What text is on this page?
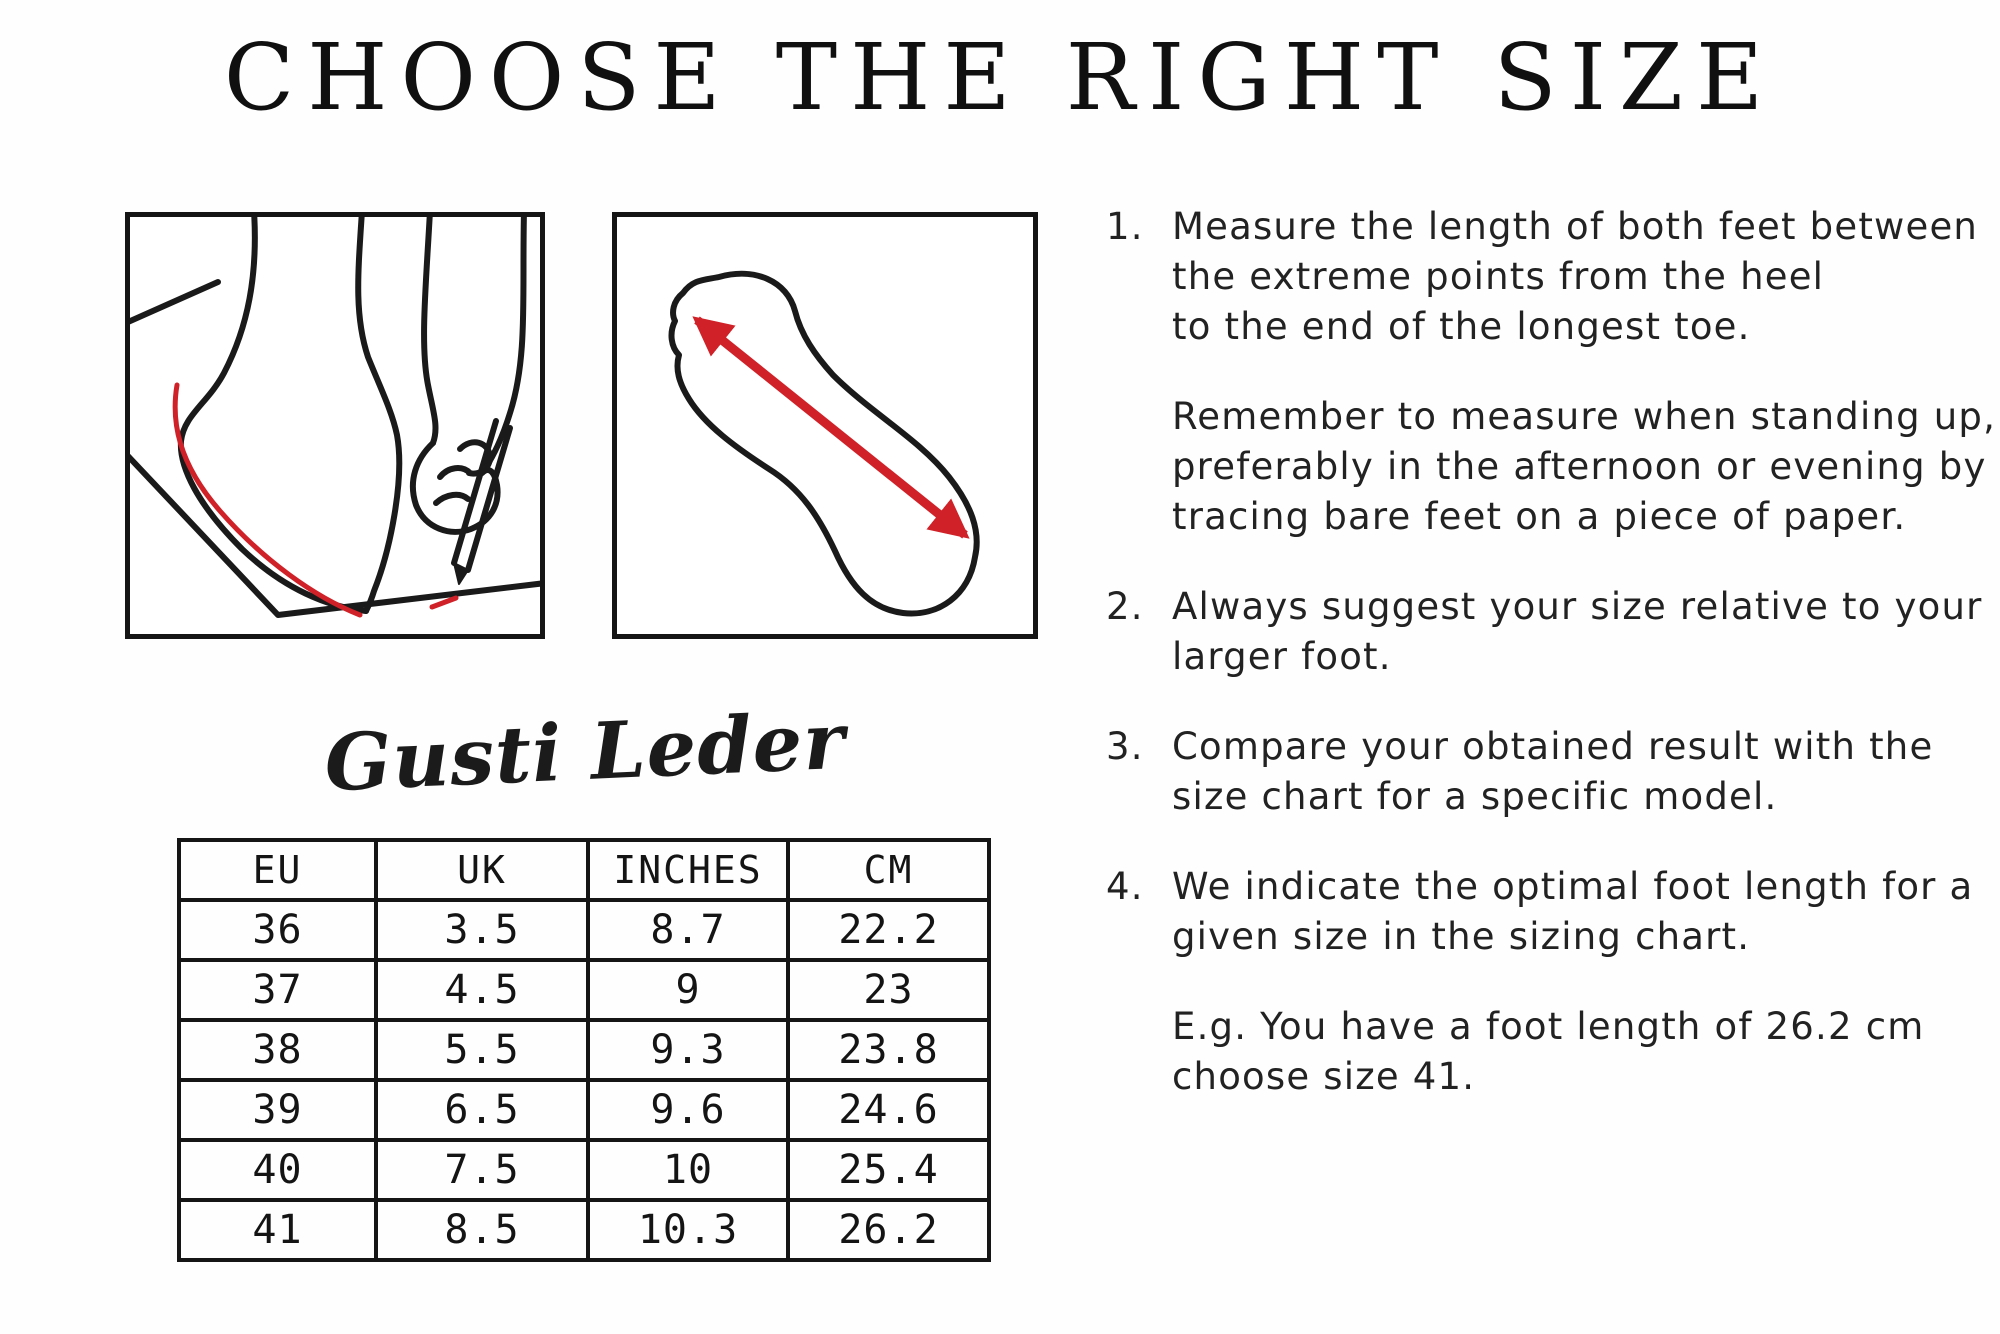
CHOOSE THE RIGHT SIZE
Gusti Leder
EU	UK	INCHES	CM
36	3.5	8.7	22.2
37	4.5	9	23
38	5.5	9.3	23.8
39	6.5	9.6	24.6
40	7.5	10	25.4
41	8.5	10.3	26.2
1. Measure the length of both feet between
the extreme points from the heel
to the end of the longest toe.
Remember to measure when standing up,
preferably in the afternoon or evening by
tracing bare feet on a piece of paper.
2. Always suggest your size relative to your
larger foot.
3. Compare your obtained result with the
size chart for a specific model.
4. We indicate the optimal foot length for a
given size in the sizing chart.
E.g. You have a foot length of 26.2 cm
choose size 41.
